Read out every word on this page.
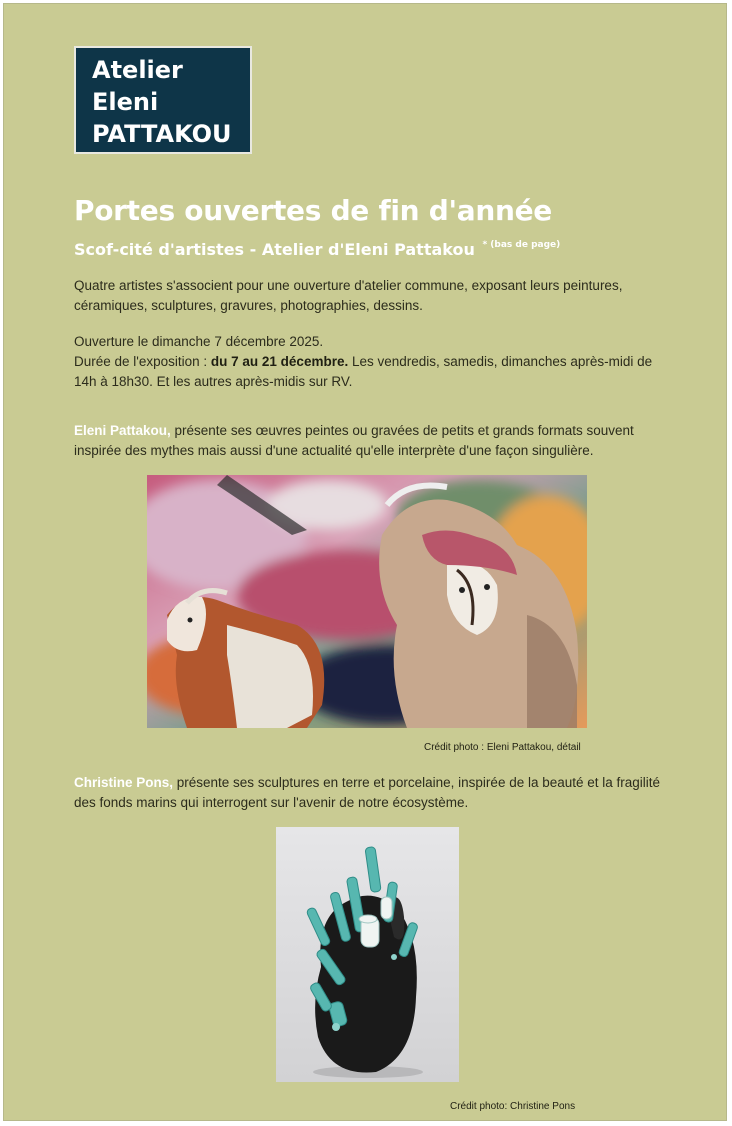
Atelier
Eleni
PATTAKOU
Portes ouvertes de fin d'année
Scof-cité d'artistes - Atelier d'Eleni Pattakou $^{* (bas de page)}$
Quatre artistes s'associent pour une ouverture d'atelier commune, exposant leurs peintures, céramiques, sculptures, gravures, photographies, dessins.
Ouverture le dimanche 7 décembre 2025.
Durée de l'exposition : du 7 au 21 décembre. Les vendredis, samedis, dimanches après-midi de 14h à 18h30. Et les autres après-midis sur RV.
Eleni Pattakou, présente ses œuvres peintes ou gravées de petits et grands formats souvent inspirée des mythes mais aussi d'une actualité qu'elle interprète d'une façon singulière.
Crédit photo : Eleni Pattakou, détail
Christine Pons, présente ses sculptures en terre et porcelaine, inspirée de la beauté et la fragilité des fonds marins qui interrogent sur l'avenir de notre écosystème.
Crédit photo: Christine Pons
